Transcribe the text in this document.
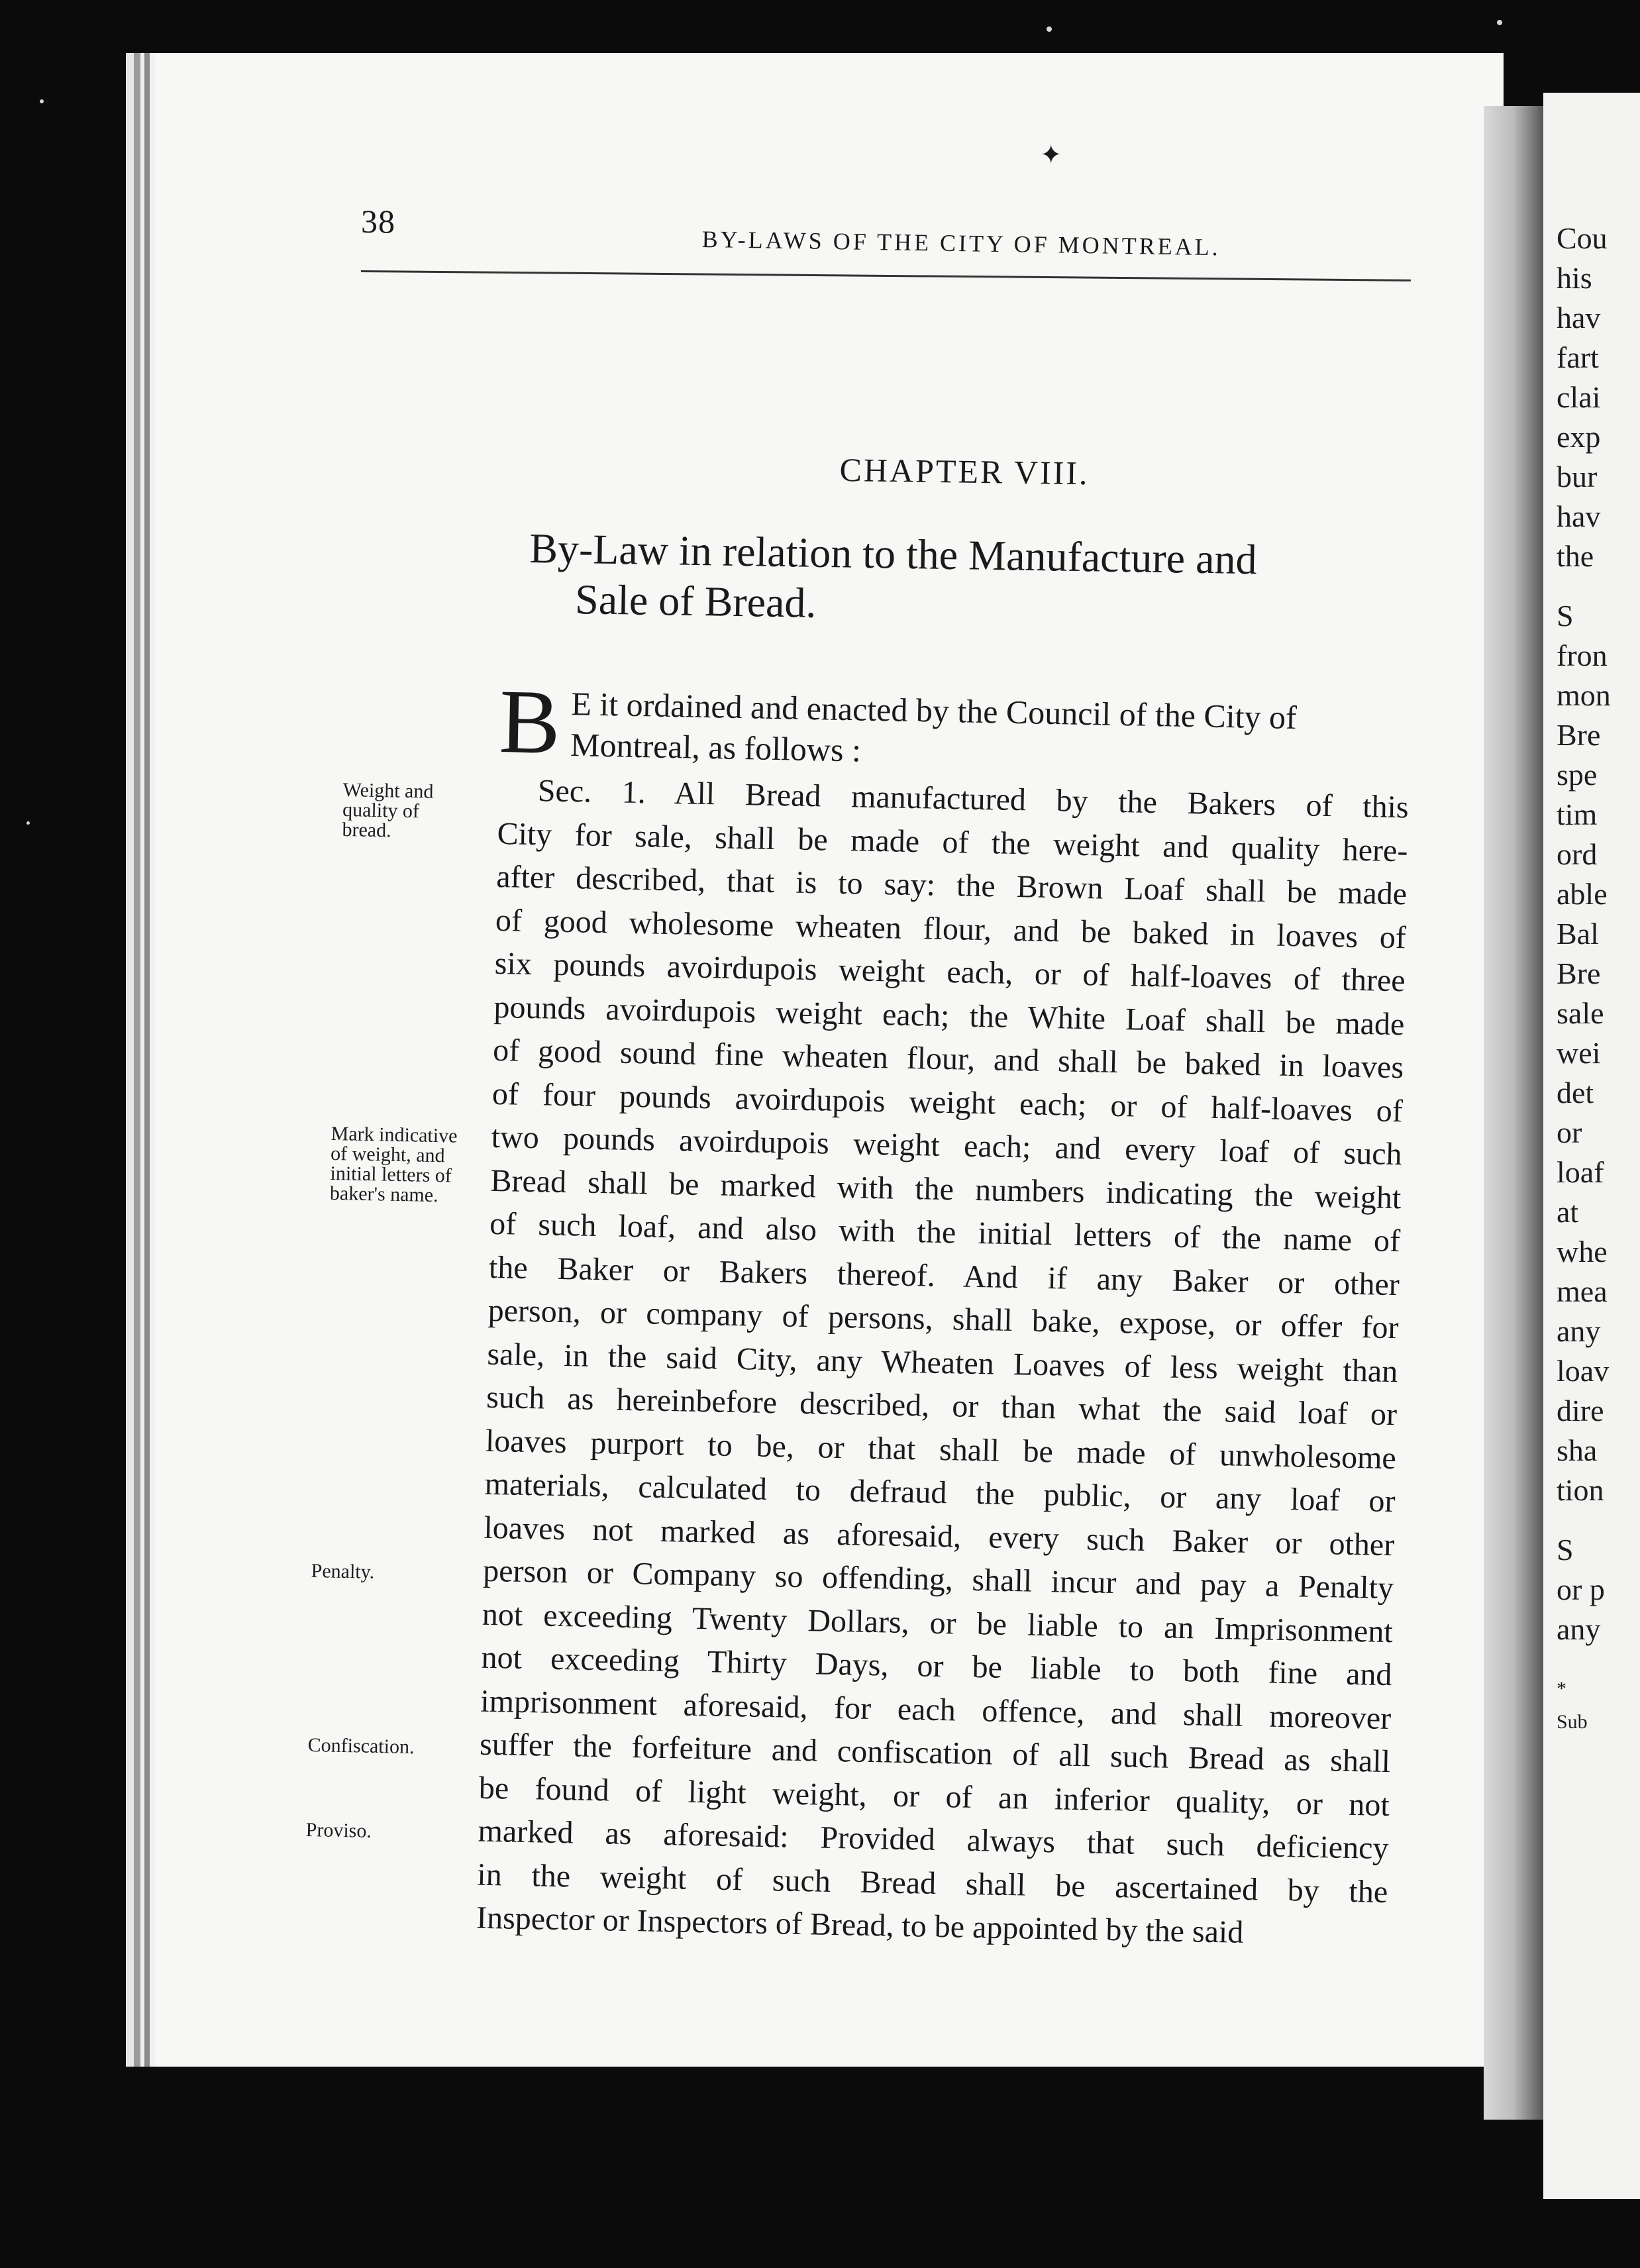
Cou
his
hav
fart
clai
exp
bur
hav
the
S
fron
mon
Bre
spe
tim
ord
able
Bal
Bre
sale
wei
det
or
loaf
at
whe
mea
any
loav
dire
sha
tion
S
or p
any
*
Sub
✦
38
BY-LAWS OF THE CITY OF MONTREAL.
CHAPTER VIII.
By-Law in relation to the Manufacture and
Sale of Bread.
B E it ordained and enacted by the Council of the City of
Montreal, as follows :
Sec. 1. All Bread manufactured by the Bakers of this
City for sale, shall be made of the weight and quality here-
after described, that is to say: the Brown Loaf shall be made
of good wholesome wheaten flour, and be baked in loaves of
six pounds avoirdupois weight each, or of half-loaves of three
pounds avoirdupois weight each; the White Loaf shall be made
of good sound fine wheaten flour, and shall be baked in loaves
of four pounds avoirdupois weight each; or of half-loaves of
two pounds avoirdupois weight each; and every loaf of such
Bread shall be marked with the numbers indicating the weight
of such loaf, and also with the initial letters of the name of
the Baker or Bakers thereof. And if any Baker or other
person, or company of persons, shall bake, expose, or offer for
sale, in the said City, any Wheaten Loaves of less weight than
such as hereinbefore described, or than what the said loaf or
loaves purport to be, or that shall be made of unwholesome
materials, calculated to defraud the public, or any loaf or
loaves not marked as aforesaid, every such Baker or other
person or Company so offending, shall incur and pay a Penalty
not exceeding Twenty Dollars, or be liable to an Imprisonment
not exceeding Thirty Days, or be liable to both fine and
imprisonment aforesaid, for each offence, and shall moreover
suffer the forfeiture and confiscation of all such Bread as shall
be found of light weight, or of an inferior quality, or not
marked as aforesaid: Provided always that such deficiency
in the weight of such Bread shall be ascertained by the
Inspector or Inspectors of Bread, to be appointed by the said
Weight and
quality of
bread.
Mark indicative
of weight, and
initial letters of
baker's name.
Penalty.
Confiscation.
Proviso.
